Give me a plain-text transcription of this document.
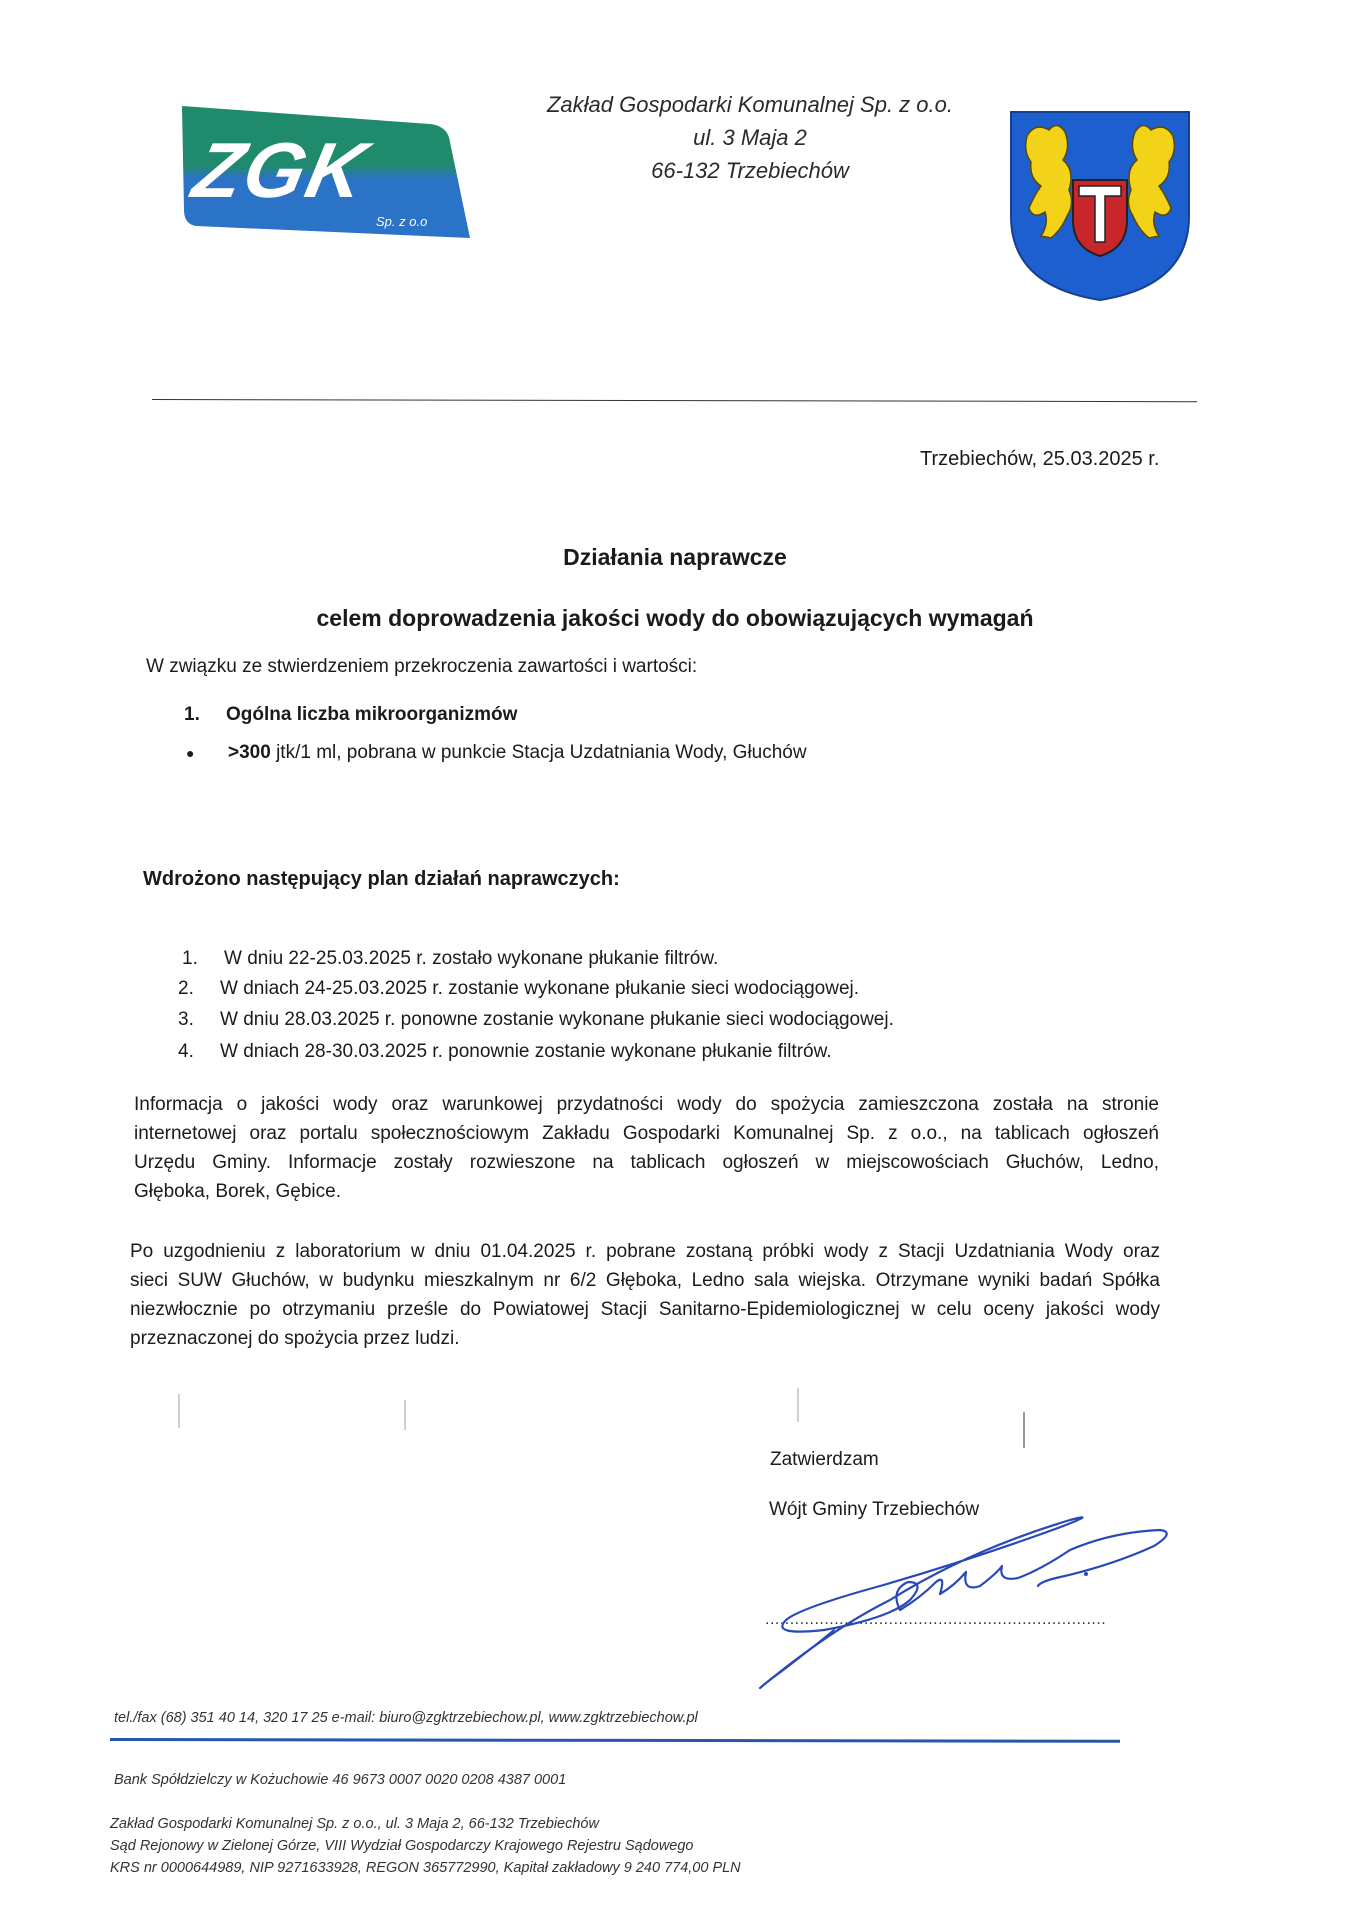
ZGK
Sp. z o.o
Zakład Gospodarki Komunalnej Sp. z o.o.
ul. 3 Maja 2
66-132 Trzebiechów
Trzebiechów, 25.03.2025 r.
Działania naprawcze
celem doprowadzenia jakości wody do obowiązujących wymagań
W związku ze stwierdzeniem przekroczenia zawartości i wartości:
1. Ogólna liczba mikroorganizmów
● >300 jtk/1 ml, pobrana w punkcie Stacja Uzdatniania Wody, Głuchów
Wdrożono następujący plan działań naprawczych:
1. W dniu 22-25.03.2025 r. zostało wykonane płukanie filtrów.
2. W dniach 24-25.03.2025 r. zostanie wykonane płukanie sieci wodociągowej.
3. W dniu 28.03.2025 r. ponowne zostanie wykonane płukanie sieci wodociągowej.
4. W dniach 28-30.03.2025 r. ponownie zostanie wykonane płukanie filtrów.
Informacja o jakości wody oraz warunkowej przydatności wody do spożycia zamieszczona została na stronie
internetowej oraz portalu społecznościowym Zakładu Gospodarki Komunalnej Sp. z o.o., na tablicach ogłoszeń
Urzędu Gminy. Informacje zostały rozwieszone na tablicach ogłoszeń w miejscowościach Głuchów, Ledno,
Głęboka, Borek, Gębice.
Po uzgodnieniu z laboratorium w dniu 01.04.2025 r. pobrane zostaną próbki wody z Stacji Uzdatniania Wody oraz
sieci SUW Głuchów, w budynku mieszkalnym nr 6/2 Głęboka, Ledno sala wiejska. Otrzymane wyniki badań Spółka
niezwłocznie po otrzymaniu prześle do Powiatowej Stacji Sanitarno-Epidemiologicznej w celu oceny jakości wody
przeznaczonej do spożycia przez ludzi.
Zatwierdzam
Wójt Gminy Trzebiechów
.....................................................................
tel./fax (68) 351 40 14, 320 17 25 e-mail: biuro@zgktrzebiechow.pl, www.zgktrzebiechow.pl
Bank Spółdzielczy w Kożuchowie 46 9673 0007 0020 0208 4387 0001
Zakład Gospodarki Komunalnej Sp. z o.o., ul. 3 Maja 2, 66-132 Trzebiechów
Sąd Rejonowy w Zielonej Górze, VIII Wydział Gospodarczy Krajowego Rejestru Sądowego
KRS nr 0000644989, NIP 9271633928, REGON 365772990, Kapitał zakładowy 9 240 774,00 PLN
